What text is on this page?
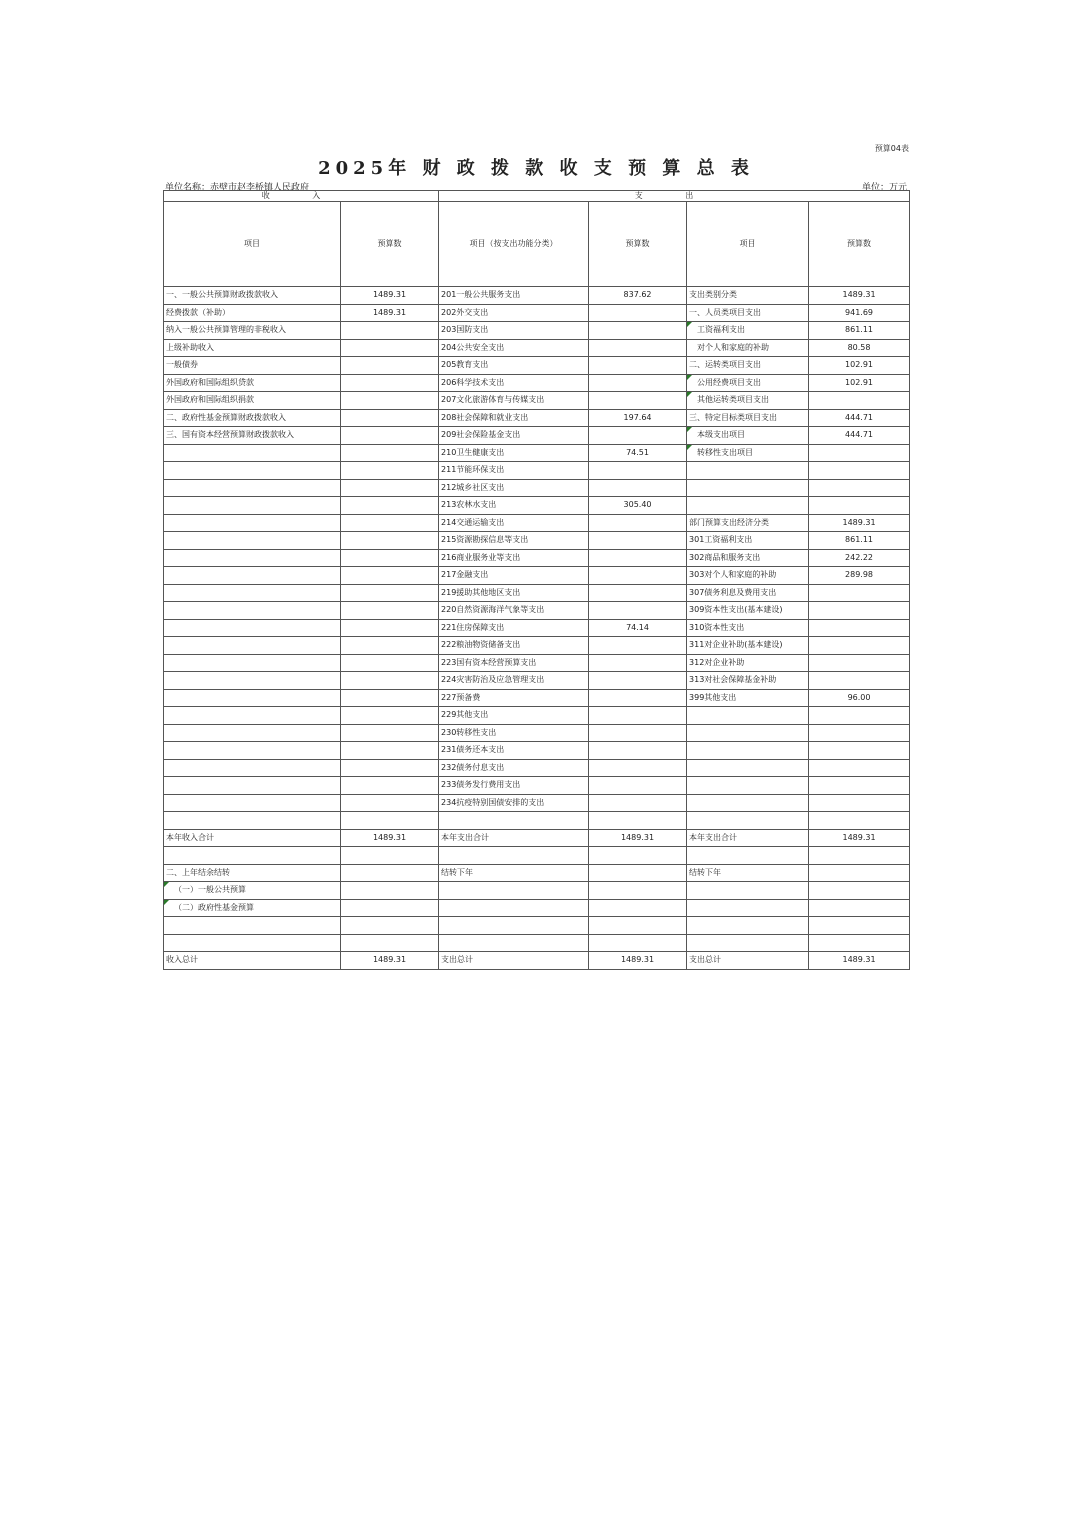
预算04表
2025年 财 政 拨 款 收 支 预 算 总 表
单位名称：赤壁市赵李桥镇人民政府	单位：万元
收 入		支 出			
项目	预算数	项目（按支出功能分类）	预算数	项目	预算数
一、一般公共预算财政拨款收入	1489.31	201一般公共服务支出	837.62	支出类别分类	1489.31
经费拨款（补助）	1489.31	202外交支出		一、人员类项目支出	941.69
纳入一般公共预算管理的非税收入		203国防支出		工资福利支出	861.11
上级补助收入		204公共安全支出		对个人和家庭的补助	80.58
一般债券		205教育支出		二、运转类项目支出	102.91
外国政府和国际组织贷款		206科学技术支出		公用经费项目支出	102.91
外国政府和国际组织捐款		207文化旅游体育与传媒支出		其他运转类项目支出	
二、政府性基金预算财政拨款收入		208社会保障和就业支出	197.64	三、特定目标类项目支出	444.71
三、国有资本经营预算财政拨款收入		209社会保险基金支出		本级支出项目	444.71
		210卫生健康支出	74.51	转移性支出项目	
		211节能环保支出			
		212城乡社区支出			
		213农林水支出	305.40		
		214交通运输支出		部门预算支出经济分类	1489.31
		215资源勘探信息等支出		301工资福利支出	861.11
		216商业服务业等支出		302商品和服务支出	242.22
		217金融支出		303对个人和家庭的补助	289.98
		219援助其他地区支出		307债务利息及费用支出	
		220自然资源海洋气象等支出		309资本性支出(基本建设)	
		221住房保障支出	74.14	310资本性支出	
		222粮油物资储备支出		311对企业补助(基本建设)	
		223国有资本经营预算支出		312对企业补助	
		224灾害防治及应急管理支出		313对社会保障基金补助	
		227预备费		399其他支出	96.00
		229其他支出			
		230转移性支出			
		231债务还本支出			
		232债务付息支出			
		233债务发行费用支出			
		234抗疫特别国债安排的支出			

本年收入合计	1489.31	本年支出合计	1489.31	本年支出合计	1489.31

二、上年结余结转		结转下年		结转下年	
（一）一般公共预算					
（二）政府性基金预算					

收入总计	1489.31	支出总计	1489.31	支出总计	1489.31
